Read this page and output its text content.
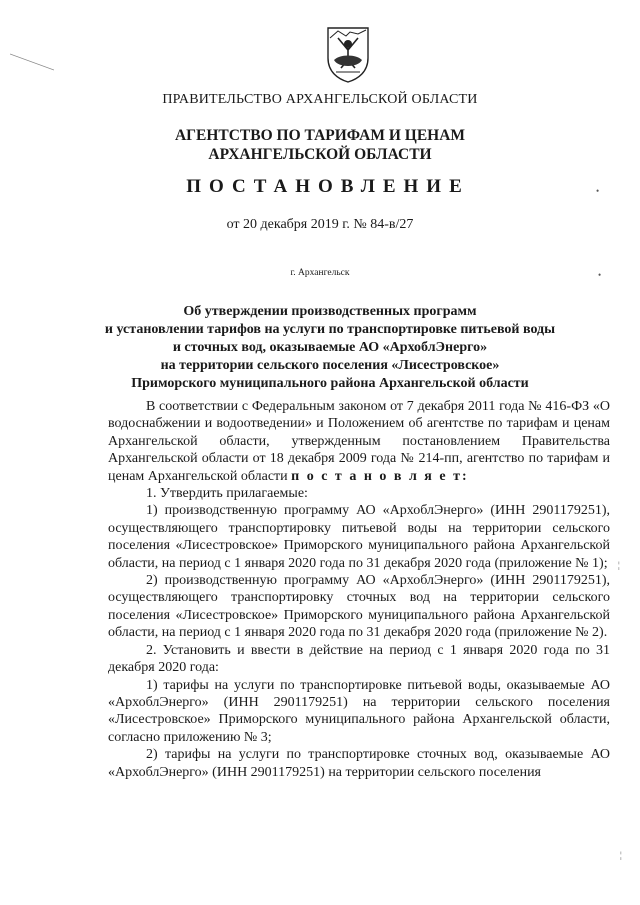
ПРАВИТЕЛЬСТВО АРХАНГЕЛЬСКОЙ ОБЛАСТИ
АГЕНТСТВО ПО ТАРИФАМ И ЦЕНАМ
АРХАНГЕЛЬСКОЙ ОБЛАСТИ
ПОСТАНОВЛЕНИЕ
от 20 декабря 2019 г. № 84-в/27
г. Архангельск
Об утверждении производственных программ
и установлении тарифов на услуги по транспортировке питьевой воды
и сточных вод, оказываемые АО «АрхоблЭнерго»
на территории сельского поселения «Лисестровское»
Приморского муниципального района Архангельской области

В соответствии с Федеральным законом от 7 декабря 2011 года № 416-ФЗ «О водоснабжении и водоотведении» и Положением об агентстве по тарифам и ценам Архангельской области, утвержденным постановлением Правительства Архангельской области от 18 декабря 2009 года № 214-пп, агентство по тарифам и ценам Архангельской области п о с т а н о в л я е т:

1. Утвердить прилагаемые:

1) производственную программу АО «АрхоблЭнерго» (ИНН 2901179251), осуществляющего транспортировку питьевой воды на территории сельского поселения «Лисестровское» Приморского муниципального района Архангельской области, на период с 1 января 2020 года по 31 декабря 2020 года (приложение № 1);

2) производственную программу АО «АрхоблЭнерго» (ИНН 2901179251), осуществляющего транспортировку сточных вод на территории сельского поселения «Лисестровское» Приморского муниципального района Архангельской области, на период с 1 января 2020 года по 31 декабря 2020 года (приложение № 2).

2. Установить и ввести в действие на период с 1 января 2020 года по 31 декабря 2020 года:

1) тарифы на услуги по транспортировке питьевой воды, оказываемые АО «АрхоблЭнерго» (ИНН 2901179251) на территории сельского поселения «Лисестровское» Приморского муниципального района Архангельской области, согласно приложению № 3;

2) тарифы на услуги по транспортировке сточных вод, оказываемые АО «АрхоблЭнерго» (ИНН 2901179251) на территории сельского поселения

•
•
¦
¦
